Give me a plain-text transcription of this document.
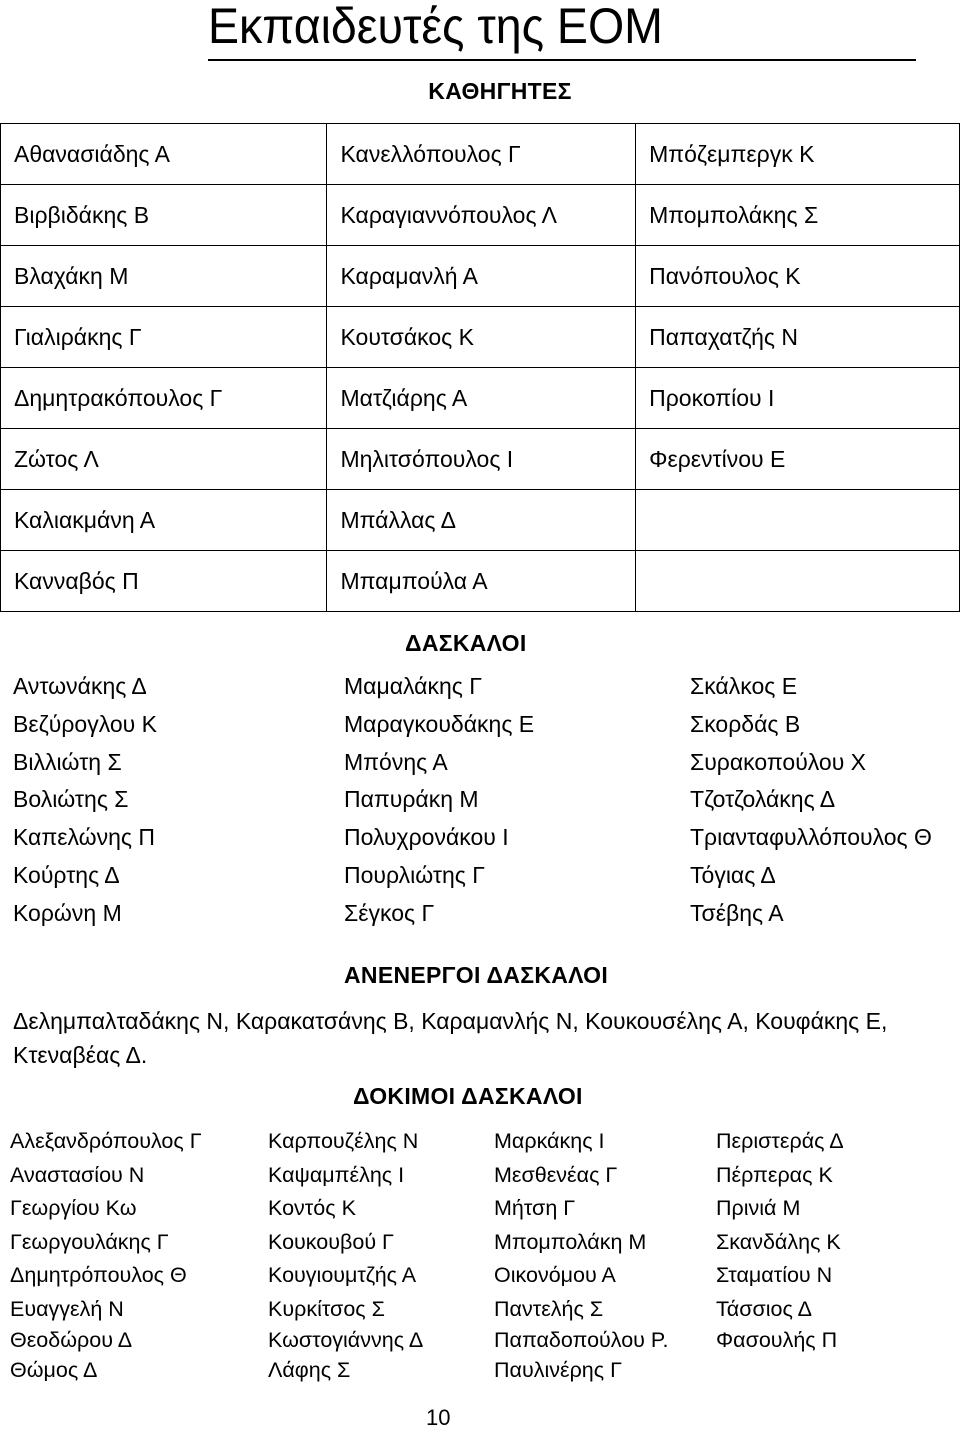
Εκπαιδευτές της ΕΟΜ
ΚΑΘΗΓΗΤΕΣ
Αθανασιάδης Α	Κανελλόπουλος Γ	Μπόζεμπεργκ Κ
Βιρβιδάκης Β	Καραγιαννόπουλος Λ	Μπομπολάκης Σ
Βλαχάκη Μ	Καραμανλή Α	Πανόπουλος Κ
Γιαλιράκης Γ	Κουτσάκος Κ	Παπαχατζής Ν
Δημητρακόπουλος Γ	Ματζιάρης Α	Προκοπίου Ι
Ζώτος Λ	Μηλιτσόπουλος Ι	Φερεντίνου Ε
Καλιακμάνη Α	Μπάλλας Δ	
Κανναβός Π	Μπαμπούλα Α	
ΔΑΣΚΑΛΟΙ
Αντωνάκης Δ	Μαμαλάκης Γ	Σκάλκος Ε
Βεζύρογλου Κ	Μαραγκουδάκης Ε	Σκορδάς Β
Βιλλιώτη Σ	Μπόνης Α	Συρακοπούλου Χ
Βολιώτης Σ	Παπυράκη Μ	Τζοτζολάκης Δ
Καπελώνης Π	Πολυχρονάκου Ι	Τριανταφυλλόπουλος Θ
Κούρτης Δ	Πουρλιώτης Γ	Τόγιας Δ
Κορώνη Μ	Σέγκος Γ	Τσέβης Α
ΑΝΕΝΕΡΓΟΙ ΔΑΣΚΑΛΟΙ

Δελημπαλταδάκης Ν, Καρακατσάνης Β, Καραμανλής Ν, Κουκουσέλης Α, Κουφάκης Ε,

Κτεναβέας Δ.

ΔΟΚΙΜΟΙ ΔΑΣΚΑΛΟΙ
Αλεξανδρόπουλος Γ	Καρπουζέλης Ν	Μαρκάκης Ι	Περιστεράς Δ
Αναστασίου Ν	Καψαμπέλης Ι	Μεσθενέας Γ	Πέρπερας Κ
Γεωργίου Κω	Κοντός Κ	Μήτση Γ	Πρινιά Μ
Γεωργουλάκης Γ	Κουκουβού Γ	Μπομπολάκη Μ	Σκανδάλης Κ
Δημητρόπουλος Θ	Κουγιουμτζής Α	Οικονόμου Α	Σταματίου Ν
Ευαγγελή Ν	Κυρκίτσος Σ	Παντελής Σ	Τάσσιος Δ
Θεοδώρου Δ	Κωστογιάννης Δ	Παπαδοπούλου Ρ.	Φασουλής Π
Θώμος Δ	Λάφης Σ	Παυλινέρης Γ
10
